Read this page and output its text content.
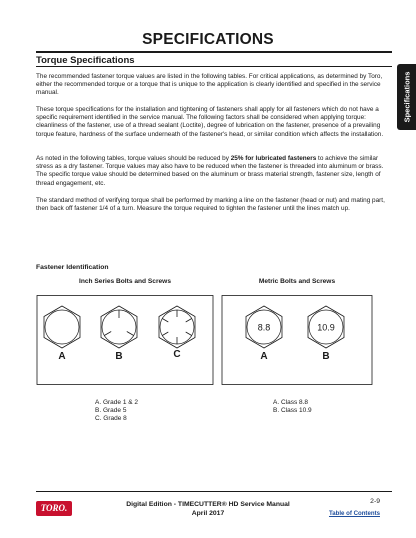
SPECIFICATIONS
Specifications
Torque Specifications

The recommended fastener torque values are listed in the following tables. For critical applications, as determined by Toro, either the recommended torque or a torque that is unique to the application is clearly identified and specified in the service manual.

These torque specifications for the installation and tightening of fasteners shall apply for all fasteners which do not have a specific requirement identified in the service manual. The following factors shall be considered when applying torque: cleanliness of the fastener, use of a thread sealant (Loctite), degree of lubrication on the fastener, presence of a prevailing torque feature, hardness of the surface underneath of the fastener's head, or similar condition which affects the installation.

As noted in the following tables, torque values should be reduced by 25% for lubricated fasteners to achieve the similar stress as a dry fastener. Torque values may also have to be reduced when the fastener is threaded into aluminum or brass. The specific torque value should be determined based on the aluminum or brass material strength, fastener size, length of thread engagement, etc.

The standard method of verifying torque shall be performed by marking a line on the fastener (head or nut) and mating part, then back off fastener 1/4 of a turn. Measure the torque required to tighten the fastener until the lines match up.

Fastener Identification
Inch Series Bolts and Screws	Metric Bolts and Screws
8.8	10.9
A	B	C	A	B
A. Grade 1 & 2
B. Grade 5
C. Grade 8
A. Class 8.8
B. Class 10.9
TORO.	Digital Edition - TIMECUTTER® HD Service Manual
April 2017
2-9
Table of Contents
